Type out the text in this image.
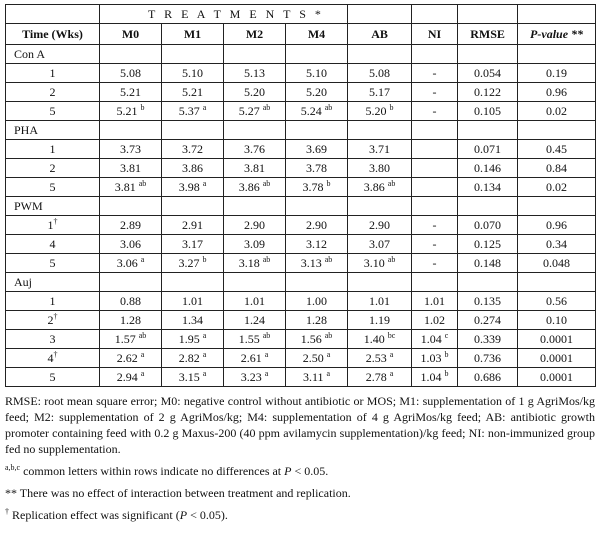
	T R E A T M E N T S *							
Time (Wks)	M0	M1	M2	M4	AB	NI	RMSE	P-value **
Con A								
1	5.08	5.10	5.13	5.10	5.08	-	0.054	0.19
2	5.21	5.21	5.20	5.20	5.17	-	0.122	0.96
5	5.21 $^b$	5.37 $^a$	5.27 $^{ab}$	5.24 $^{ab}$	5.20 $^b$	-	0.105	0.02
PHA								
1	3.73	3.72	3.76	3.69	3.71		0.071	0.45
2	3.81	3.86	3.81	3.78	3.80		0.146	0.84
5	3.81 $^{ab}$	3.98 $^a$	3.86 $^{ab}$	3.78 $^b$	3.86 $^{ab}$		0.134	0.02
PWM								
1†	2.89	2.91	2.90	2.90	2.90	-	0.070	0.96
4	3.06	3.17	3.09	3.12	3.07	-	0.125	0.34
5	3.06 $^a$	3.27 $^b$	3.18 $^{ab}$	3.13 $^{ab}$	3.10 $^{ab}$	-	0.148	0.048
Auj								
1	0.88	1.01	1.01	1.00	1.01	1.01	0.135	0.56
2†	1.28	1.34	1.24	1.28	1.19	1.02	0.274	0.10
3	1.57 $^{ab}$	1.95 $^a$	1.55 $^{ab}$	1.56 $^{ab}$	1.40 $^{bc}$	1.04 $^c$	0.339	0.0001
4†	2.62 $^a$	2.82 $^a$	2.61 $^a$	2.50 $^a$	2.53 $^a$	1.03 $^b$	0.736	0.0001
5	2.94 $^a$	3.15 $^a$	3.23 $^a$	3.11 $^a$	2.78 $^a$	1.04 $^b$	0.686	0.0001

RMSE: root mean square error; M0: negative control without antibiotic or MOS; M1: supplementation of 1 g AgriMos/kg feed; M2: supplementation of 2 g AgriMos/kg; M4: supplementation of 4 g AgriMos/kg feed; AB: antibiotic growth promoter containing feed with 0.2 g Maxus-200 (40 ppm avilamycin supplementation)/kg feed; NI: non-immunized group fed no supplementation.

$^{a,b,c}$ common letters within rows indicate no differences at P < 0.05.

** There was no effect of interaction between treatment and replication.

† Replication effect was significant (P < 0.05).
